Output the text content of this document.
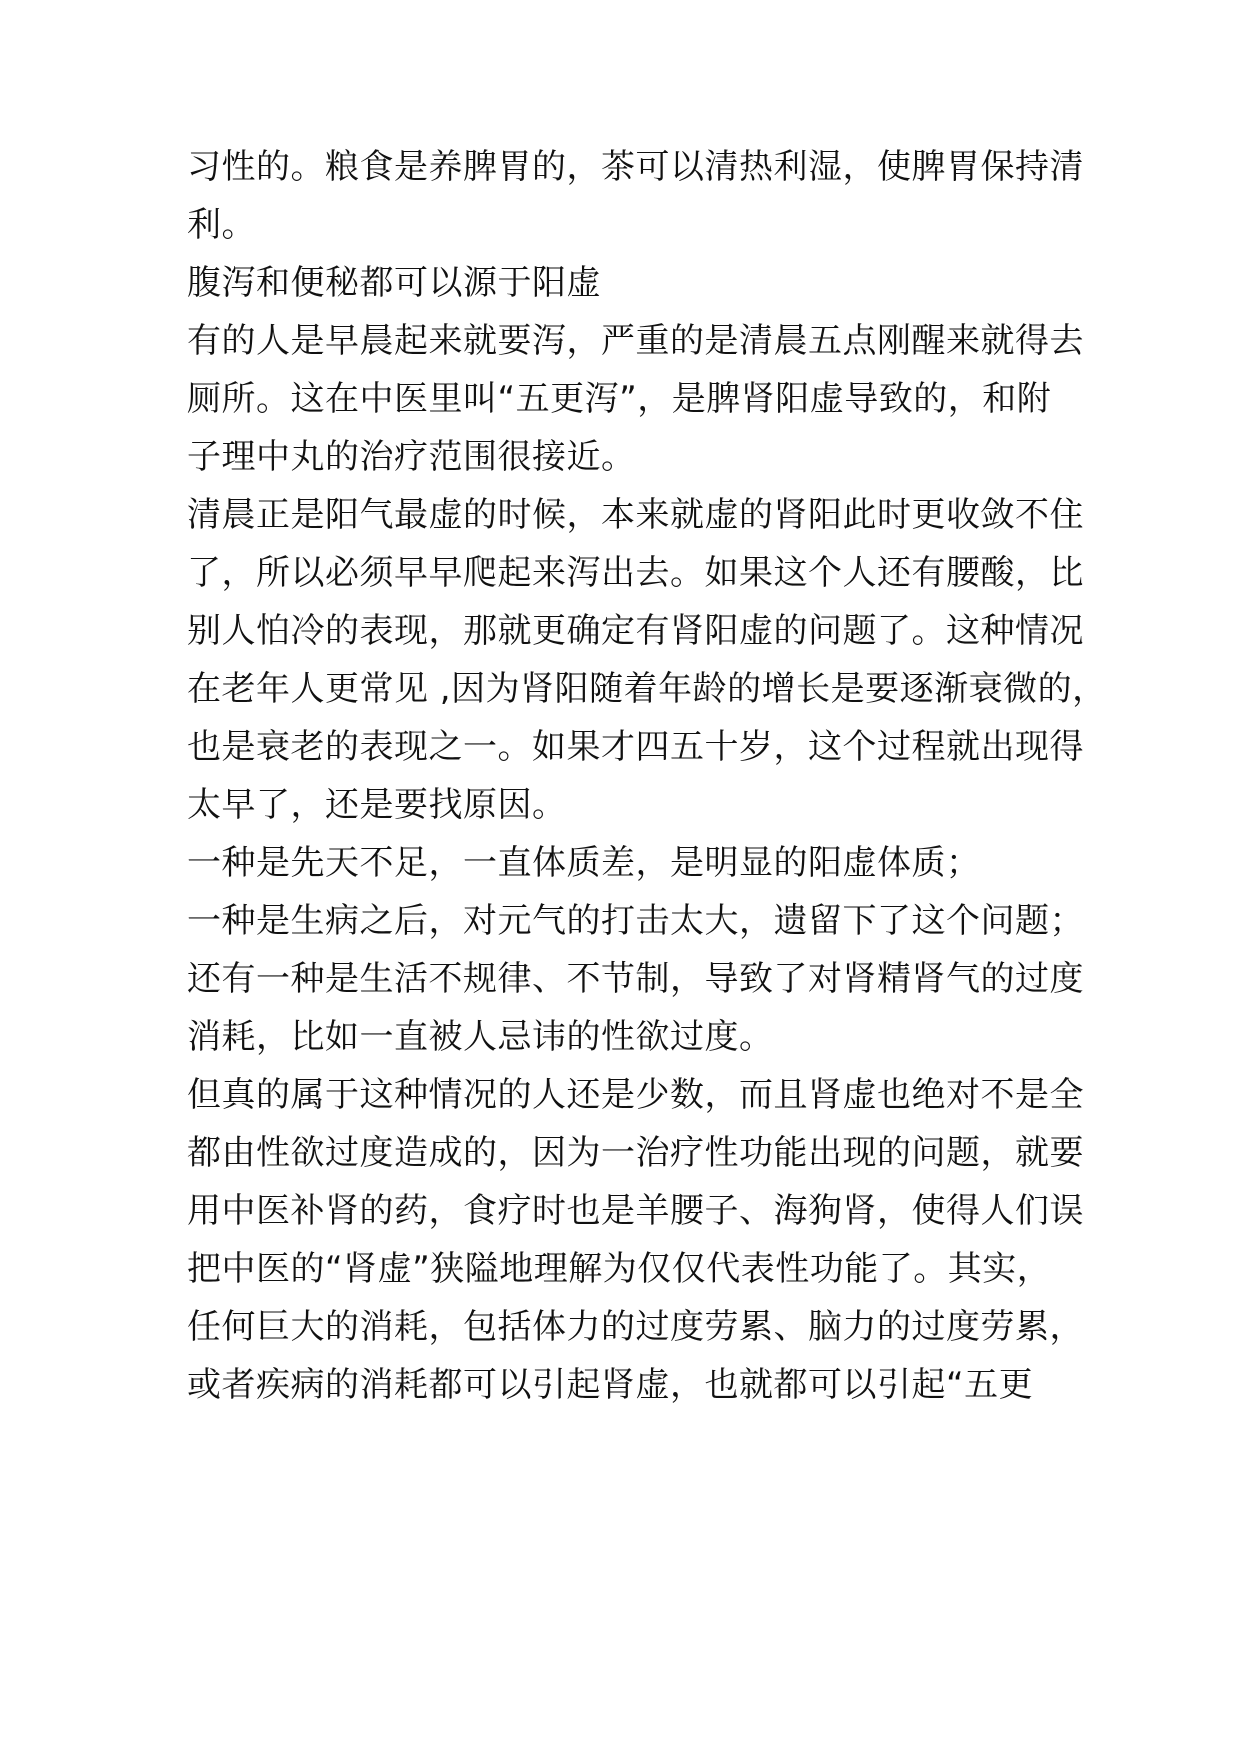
习性的。粮食是养脾胃的，茶可以清热利湿，使脾胃保持清
利。
腹泻和便秘都可以源于阳虚
有的人是早晨起来就要泻，严重的是清晨五点刚醒来就得去
厕所。这在中医里叫“五更泻”，是脾肾阳虚导致的，和附
子理中丸的治疗范围很接近。
清晨正是阳气最虚的时候，本来就虚的肾阳此时更收敛不住
了，所以必须早早爬起来泻出去。如果这个人还有腰酸，比
别人怕冷的表现，那就更确定有肾阳虚的问题了。这种情况
在老年人更常见 ,因为肾阳随着年龄的增长是要逐渐衰微的，
也是衰老的表现之一。如果才四五十岁，这个过程就出现得
太早了，还是要找原因。
一种是先天不足，一直体质差，是明显的阳虚体质；
一种是生病之后，对元气的打击太大，遗留下了这个问题；
还有一种是生活不规律、不节制，导致了对肾精肾气的过度
消耗，比如一直被人忌讳的性欲过度。
但真的属于这种情况的人还是少数，而且肾虚也绝对不是全
都由性欲过度造成的，因为一治疗性功能出现的问题，就要
用中医补肾的药，食疗时也是羊腰子、海狗肾，使得人们误
把中医的“肾虚”狭隘地理解为仅仅代表性功能了。其实，
任何巨大的消耗，包括体力的过度劳累、脑力的过度劳累，
或者疾病的消耗都可以引起肾虚，也就都可以引起“五更
